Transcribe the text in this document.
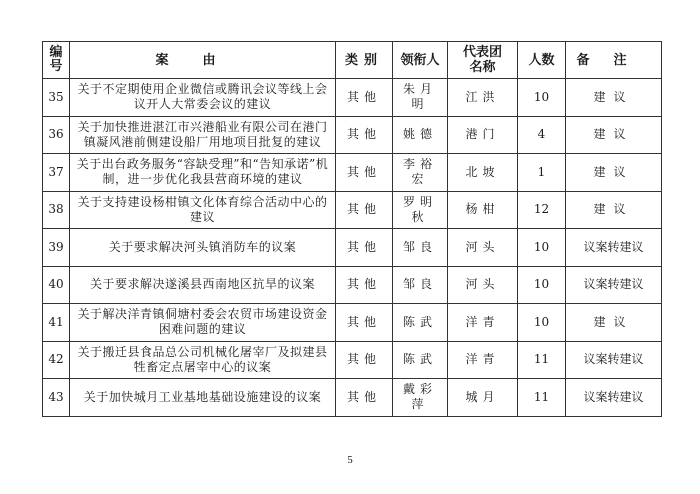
编号	案由	类别	领衔人	代表团名称	人数	备注
35	关于不定期使用企业微信或腾讯会议等线上会议开人大常委会议的建议	其他	朱月明	江洪	10	建议
36	关于加快推进湛江市兴港船业有限公司在港门镇凝风港前侧建设船厂用地项目批复的建议	其他	姚德	港门	4	建议
37	关于出台政务服务“容缺受理”和“告知承诺”机制，进一步优化我县营商环境的建议	其他	李裕宏	北坡	1	建议
38	关于支持建设杨柑镇文化体育综合活动中心的建议	其他	罗明秋	杨柑	12	建议
39	关于要求解决河头镇消防车的议案	其他	邹良	河头	10	议案转建议
40	关于要求解决遂溪县西南地区抗旱的议案	其他	邹良	河头	10	议案转建议
41	关于解决洋青镇侗塘村委会农贸市场建设资金困难问题的建议	其他	陈武	洋青	10	建议
42	关于搬迁县食品总公司机械化屠宰厂及拟建县牲畜定点屠宰中心的议案	其他	陈武	洋青	11	议案转建议
43	关于加快城月工业基地基础设施建设的议案	其他	戴彩萍	城月	11	议案转建议
5
